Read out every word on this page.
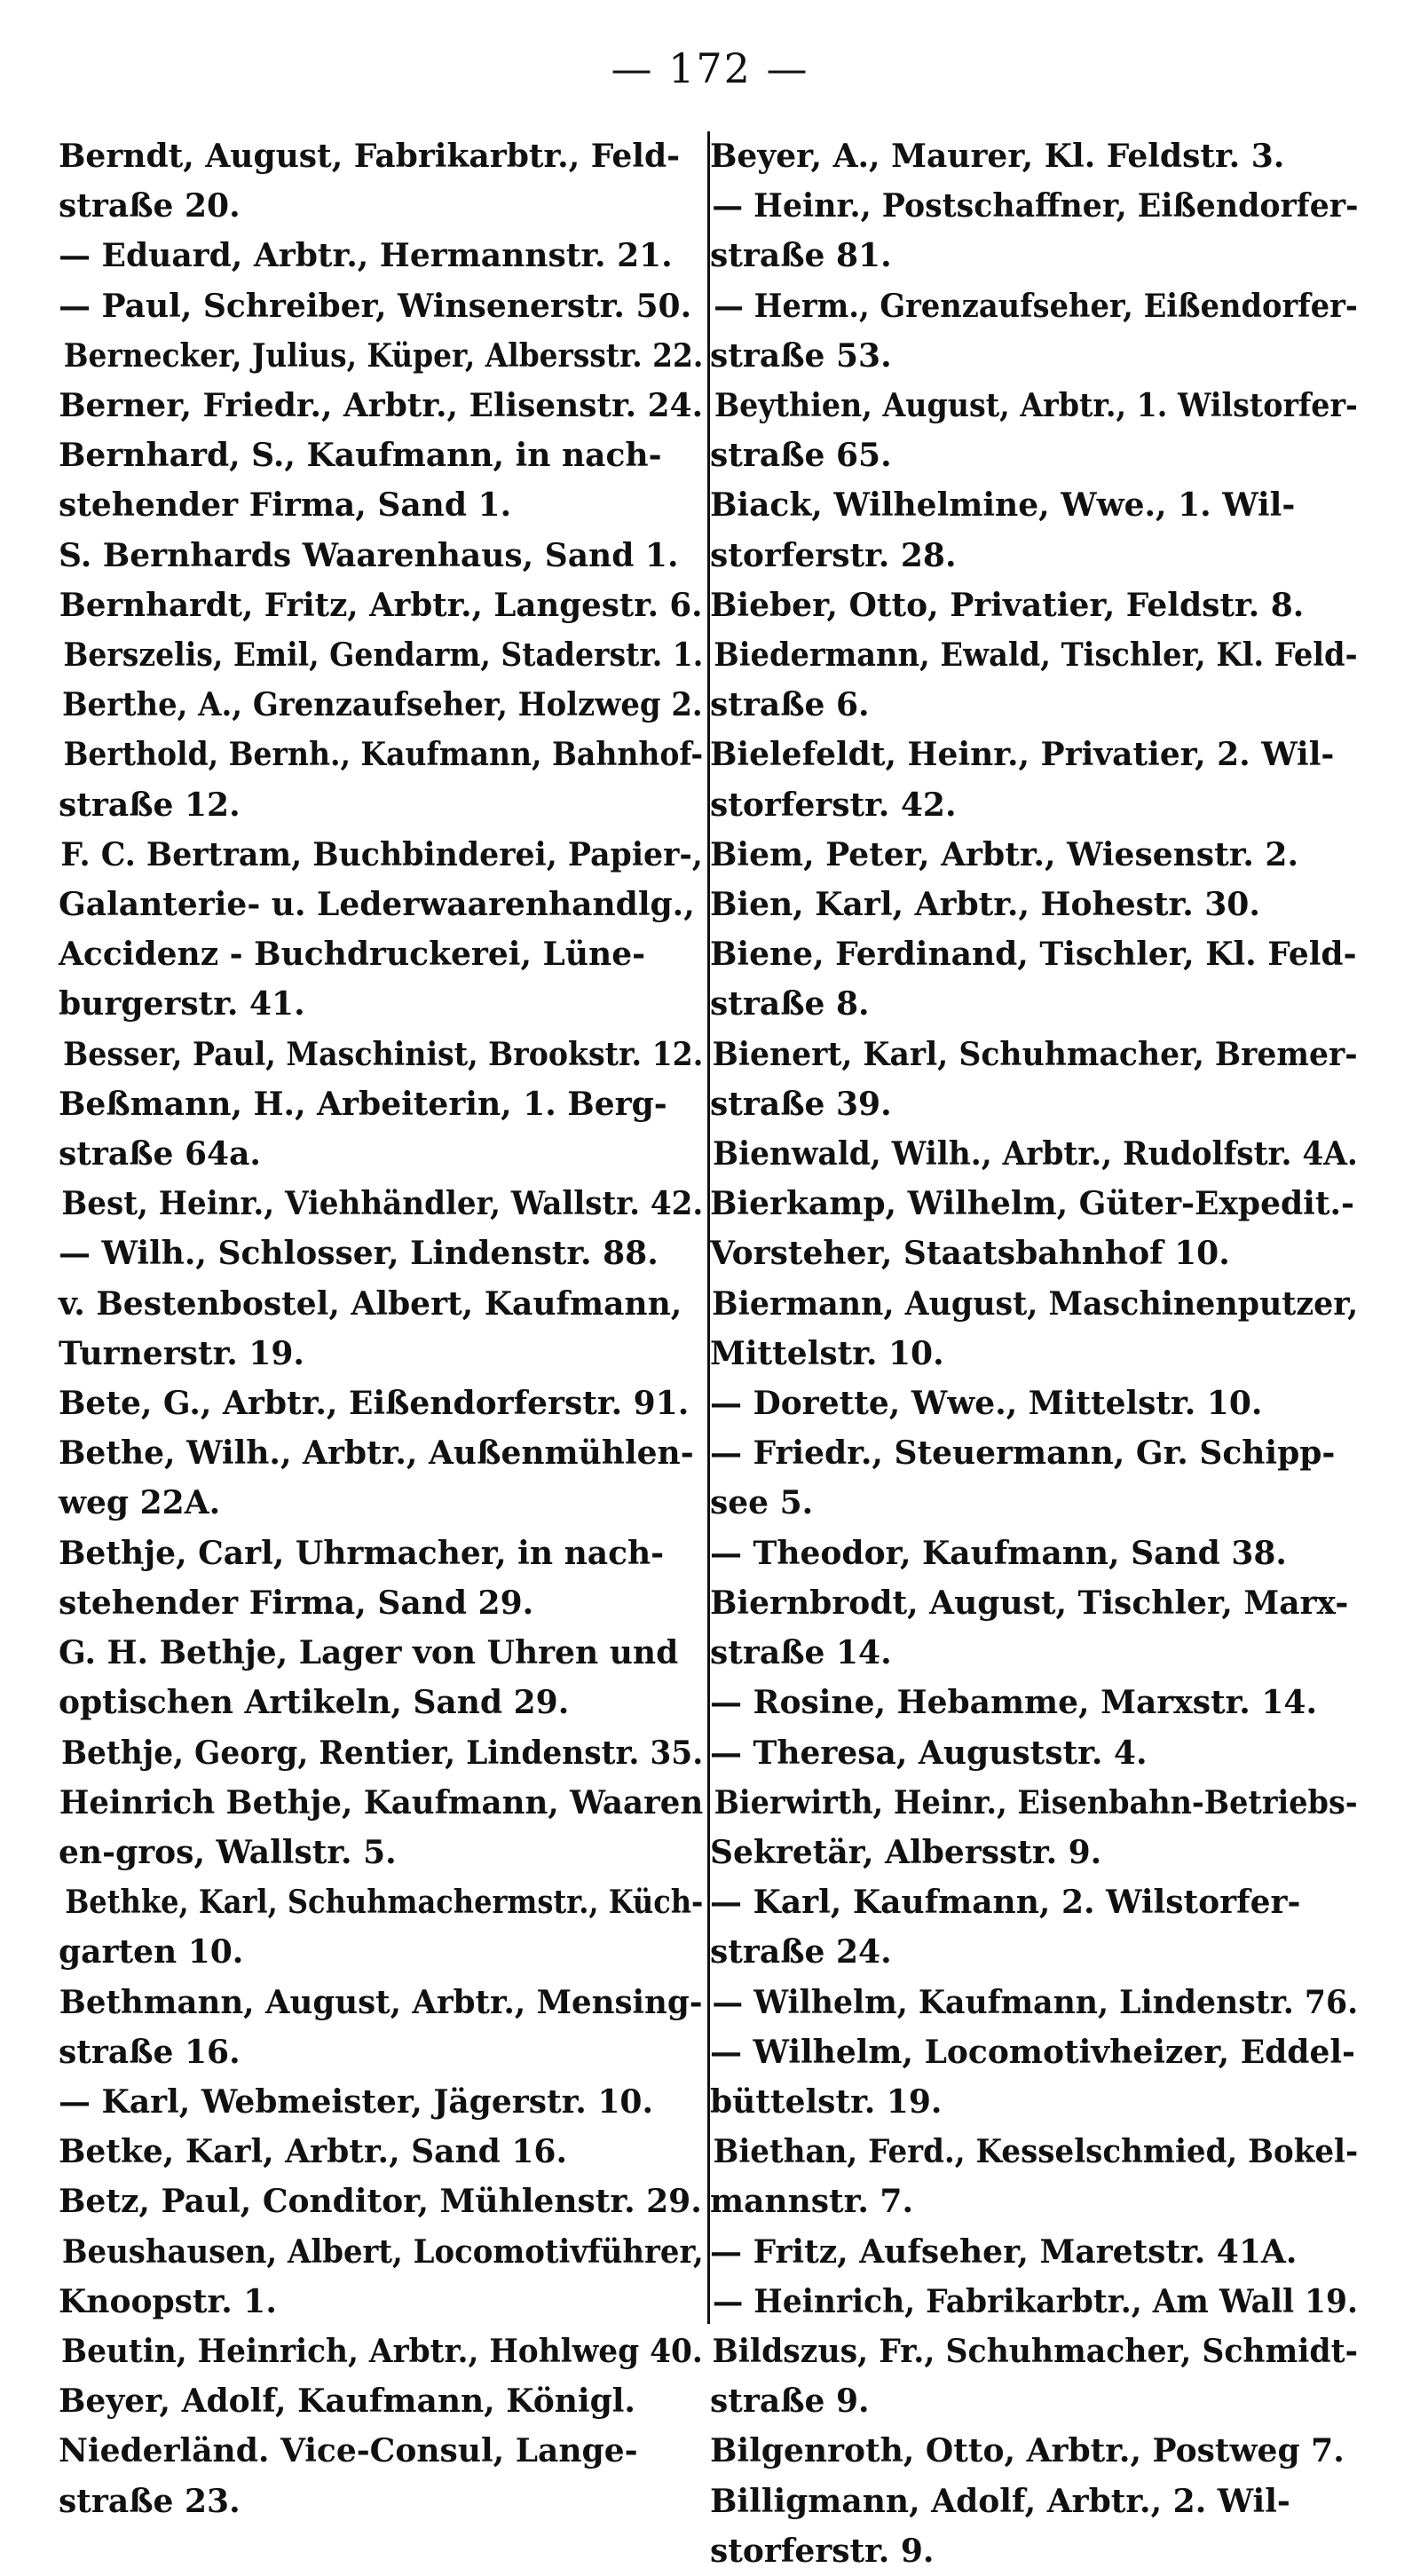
— 172 —

Berndt, August, Fabrikarbtr., Feld-
straße 20.

— Eduard, Arbtr., Hermannstr. 21.

— Paul, Schreiber, Winsenerstr. 50.

Bernecker, Julius, Küper, Albersstr. 22.

Berner, Friedr., Arbtr., Elisenstr. 24.

Bernhard, S., Kaufmann, in nach-
stehender Firma, Sand 1.

S. Bernhards Waarenhaus, Sand 1.

Bernhardt, Fritz, Arbtr., Langestr. 6.

Berszelis, Emil, Gendarm, Staderstr. 1.

Berthe, A., Grenzaufseher, Holzweg 2.

Berthold, Bernh., Kaufmann, Bahnhof-
straße 12.

F. C. Bertram, Buchbinderei, Papier-,
Galanterie- u. Lederwaarenhandlg.,
Accidenz - Buchdruckerei, Lüne-
burgerstr. 41.

Besser, Paul, Maschinist, Brookstr. 12.

Beßmann, H., Arbeiterin, 1. Berg-
straße 64a.

Best, Heinr., Viehhändler, Wallstr. 42.

— Wilh., Schlosser, Lindenstr. 88.

v. Bestenbostel, Albert, Kaufmann,
Turnerstr. 19.

Bete, G., Arbtr., Eißendorferstr. 91.

Bethe, Wilh., Arbtr., Außenmühlen-
weg 22A.

Bethje, Carl, Uhrmacher, in nach-
stehender Firma, Sand 29.

G. H. Bethje, Lager von Uhren und
optischen Artikeln, Sand 29.

Bethje, Georg, Rentier, Lindenstr. 35.

Heinrich Bethje, Kaufmann, Waaren
en-gros, Wallstr. 5.

Bethke, Karl, Schuhmachermstr., Küch-
garten 10.

Bethmann, August, Arbtr., Mensing-
straße 16.

— Karl, Webmeister, Jägerstr. 10.

Betke, Karl, Arbtr., Sand 16.

Betz, Paul, Conditor, Mühlenstr. 29.

Beushausen, Albert, Locomotivführer,
Knoopstr. 1.

Beutin, Heinrich, Arbtr., Hohlweg 40.

Beyer, Adolf, Kaufmann, Königl.
Niederländ. Vice-Consul, Lange-
straße 23.

Beyer, A., Maurer, Kl. Feldstr. 3.

— Heinr., Postschaffner, Eißendorfer-
straße 81.

— Herm., Grenzaufseher, Eißendorfer-
straße 53.

Beythien, August, Arbtr., 1. Wilstorfer-
straße 65.

Biack, Wilhelmine, Wwe., 1. Wil-
storferstr. 28.

Bieber, Otto, Privatier, Feldstr. 8.

Biedermann, Ewald, Tischler, Kl. Feld-
straße 6.

Bielefeldt, Heinr., Privatier, 2. Wil-
storferstr. 42.

Biem, Peter, Arbtr., Wiesenstr. 2.

Bien, Karl, Arbtr., Hohestr. 30.

Biene, Ferdinand, Tischler, Kl. Feld-
straße 8.

Bienert, Karl, Schuhmacher, Bremer-
straße 39.

Bienwald, Wilh., Arbtr., Rudolfstr. 4A.

Bierkamp, Wilhelm, Güter-Expedit.-
Vorsteher, Staatsbahnhof 10.

Biermann, August, Maschinenputzer,
Mittelstr. 10.

— Dorette, Wwe., Mittelstr. 10.

— Friedr., Steuermann, Gr. Schipp-
see 5.

— Theodor, Kaufmann, Sand 38.

Biernbrodt, August, Tischler, Marx-
straße 14.

— Rosine, Hebamme, Marxstr. 14.

— Theresa, Auguststr. 4.

Bierwirth, Heinr., Eisenbahn-Betriebs-
Sekretär, Albersstr. 9.

— Karl, Kaufmann, 2. Wilstorfer-
straße 24.

— Wilhelm, Kaufmann, Lindenstr. 76.

— Wilhelm, Locomotivheizer, Eddel-
büttelstr. 19.

Biethan, Ferd., Kesselschmied, Bokel-
mannstr. 7.

— Fritz, Aufseher, Maretstr. 41A.

— Heinrich, Fabrikarbtr., Am Wall 19.

Bildszus, Fr., Schuhmacher, Schmidt-
straße 9.

Bilgenroth, Otto, Arbtr., Postweg 7.

Billigmann, Adolf, Arbtr., 2. Wil-
storferstr. 9.
